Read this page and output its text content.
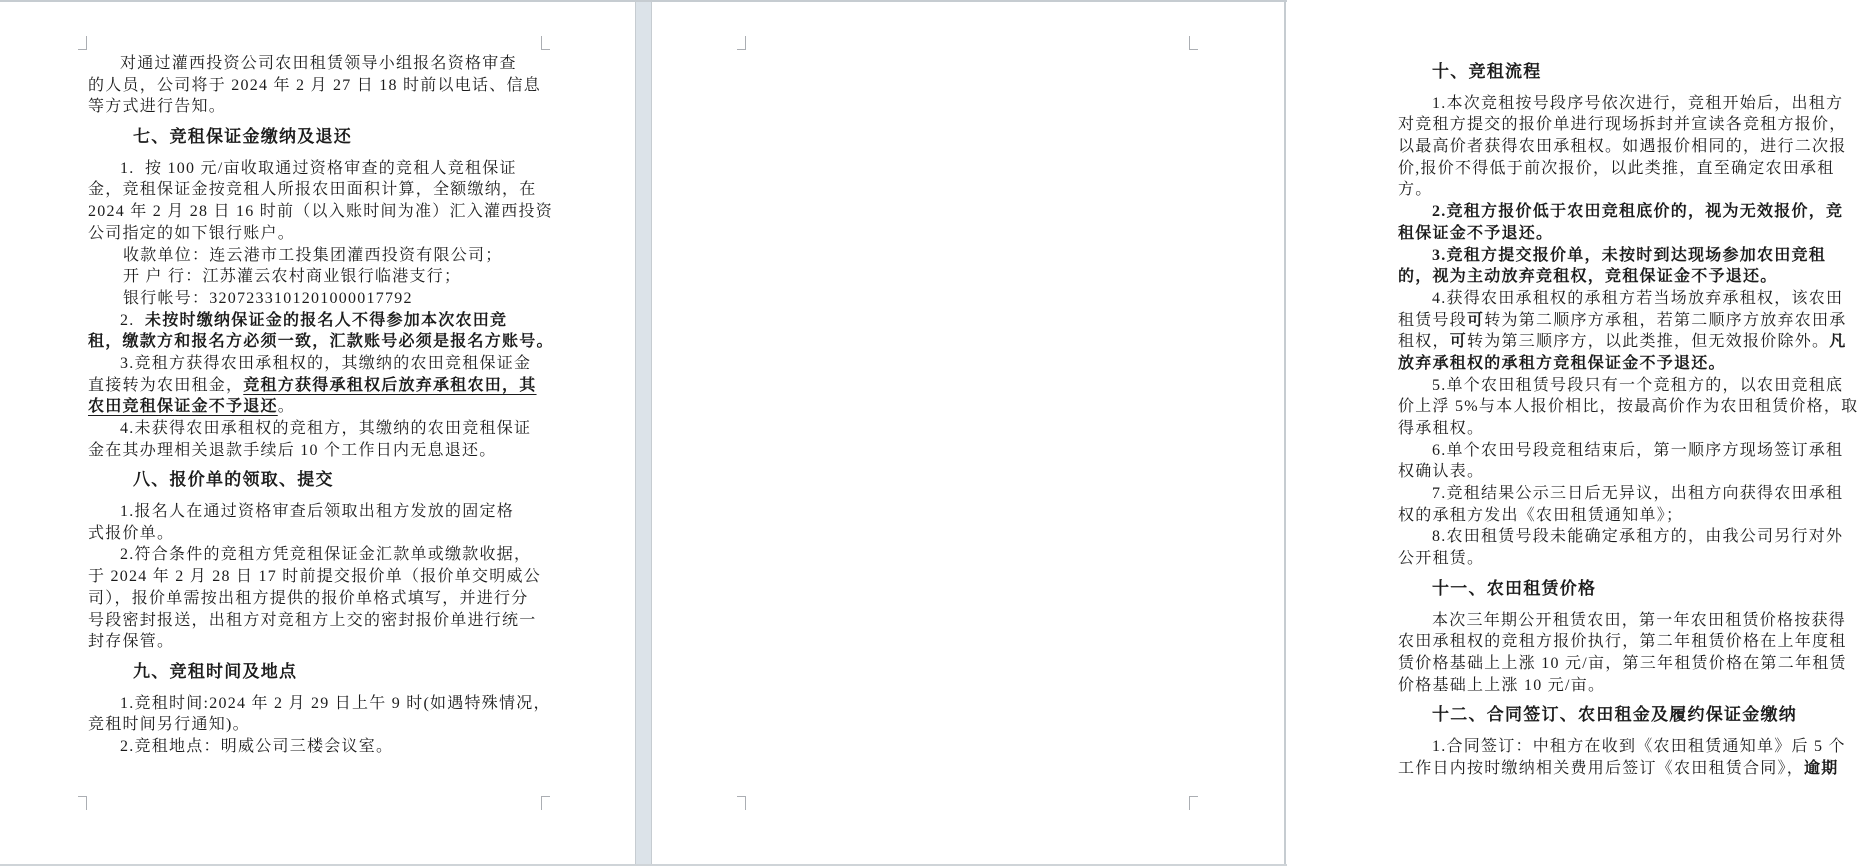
对通过灌西投资公司农田租赁领导小组报名资格审查
的人员，公司将于 2024 年 2 月 27 日 18 时前以电话、信息
等方式进行告知。
七、竞租保证金缴纳及退还
1.  按 100 元/亩收取通过资格审查的竞租人竞租保证
金，竞租保证金按竞租人所报农田面积计算，全额缴纳，在
2024 年 2 月 28 日 16 时前（以入账时间为准）汇入灌西投资
公司指定的如下银行账户。
收款单位：连云港市工投集团灌西投资有限公司；
开 户 行：江苏灌云农村商业银行临港支行；
银行帐号：3207233101201000017792
2.  未按时缴纳保证金的报名人不得参加本次农田竞
租，缴款方和报名方必须一致，汇款账号必须是报名方账号。
3.竞租方获得农田承租权的，其缴纳的农田竞租保证金
直接转为农田租金，竞租方获得承租权后放弃承租农田，其
农田竞租保证金不予退还。
4.未获得农田承租权的竞租方，其缴纳的农田竞租保证
金在其办理相关退款手续后 10 个工作日内无息退还。
八、报价单的领取、提交
1.报名人在通过资格审查后领取出租方发放的固定格
式报价单。
2.符合条件的竞租方凭竞租保证金汇款单或缴款收据，
于 2024 年 2 月 28 日 17 时前提交报价单（报价单交明威公
司），报价单需按出租方提供的报价单格式填写，并进行分
号段密封报送，出租方对竞租方上交的密封报价单进行统一
封存保管。
九、竞租时间及地点
1.竞租时间:2024 年 2 月 29 日上午 9 时(如遇特殊情况，
竞租时间另行通知)。
2.竞租地点：明威公司三楼会议室。
十、竞租流程
1.本次竞租按号段序号依次进行，竞租开始后，出租方
对竞租方提交的报价单进行现场拆封并宣读各竞租方报价，
以最高价者获得农田承租权。如遇报价相同的，进行二次报
价,报价不得低于前次报价，以此类推，直至确定农田承租
方。
2.竞租方报价低于农田竞租底价的，视为无效报价，竞
租保证金不予退还。
3.竞租方提交报价单，未按时到达现场参加农田竞租
的，视为主动放弃竞租权，竞租保证金不予退还。
4.获得农田承租权的承租方若当场放弃承租权，该农田
租赁号段可转为第二顺序方承租，若第二顺序方放弃农田承
租权，可转为第三顺序方，以此类推，但无效报价除外。凡
放弃承租权的承租方竞租保证金不予退还。
5.单个农田租赁号段只有一个竞租方的，以农田竞租底
价上浮 5%与本人报价相比，按最高价作为农田租赁价格，取
得承租权。
6.单个农田号段竞租结束后，第一顺序方现场签订承租
权确认表。
7.竞租结果公示三日后无异议，出租方向获得农田承租
权的承租方发出《农田租赁通知单》；
8.农田租赁号段未能确定承租方的，由我公司另行对外
公开租赁。
十一、农田租赁价格
本次三年期公开租赁农田，第一年农田租赁价格按获得
农田承租权的竞租方报价执行，第二年租赁价格在上年度租
赁价格基础上上涨 10 元/亩，第三年租赁价格在第二年租赁
价格基础上上涨 10 元/亩。
十二、合同签订、农田租金及履约保证金缴纳
1.合同签订：中租方在收到《农田租赁通知单》后 5 个
工作日内按时缴纳相关费用后签订《农田租赁合同》，逾期
